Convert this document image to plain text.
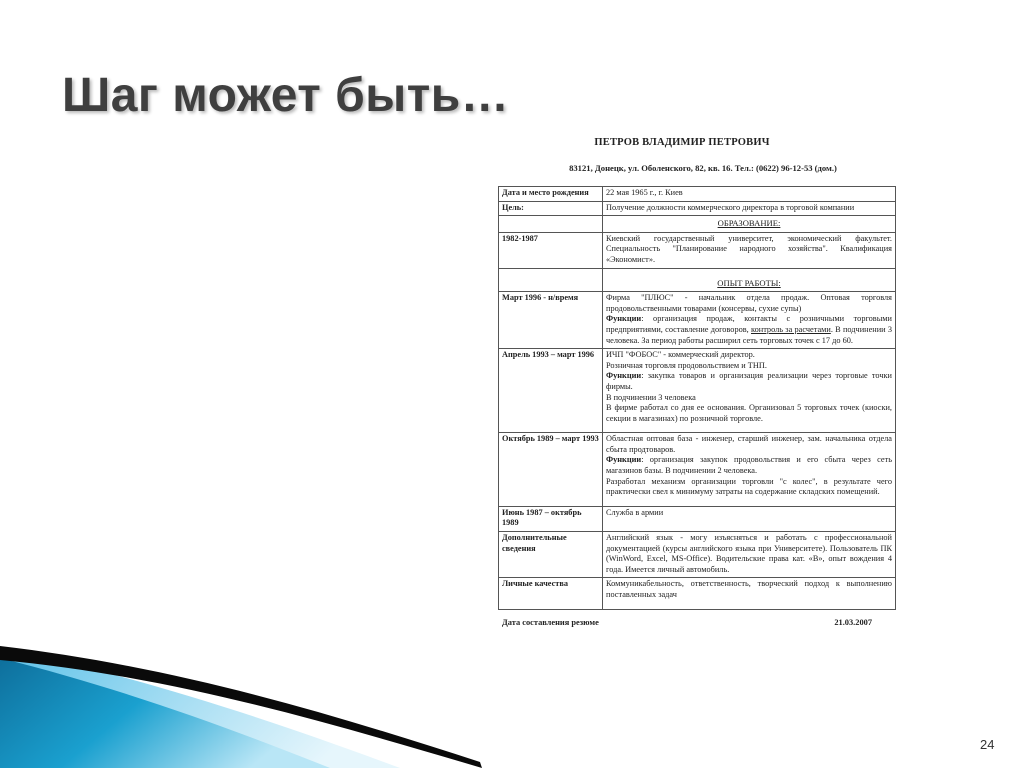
Шаг может быть…
ПЕТРОВ ВЛАДИМИР ПЕТРОВИЧ
83121, Донецк, ул. Оболенского, 82, кв. 16. Тел.: (0622) 96-12-53 (дом.)
Дата и место рождения	22 мая 1965 г., г. Киев
Цель:	Получение должности коммерческого директора в торговой компании
	ОБРАЗОВАНИЕ:
1982-1987	Киевский государственный университет, экономический факультет. Специальность "Планирование народного хозяйства". Квалификация «Экономист».
	ОПЫТ РАБОТЫ:
Март 1996 - н/время	Фирма "ПЛЮС" - начальник отдела продаж. Оптовая торговля продовольственными товарами (консервы, сухие супы)
Функции: организация продаж, контакты с розничными торговыми предприятиями, составление договоров, контроль за расчетами. В подчинении 3 человека. За период работы расширил сеть торговых точек с 17 до 60.
Апрель 1993 – март 1996	ИЧП "ФОБОС" - коммерческий директор.
Розничная торговля продовольствием и ТНП.
Функции: закупка товаров и организация реализации через торговые точки фирмы.
В подчинении 3 человека
В фирме работал со дня ее основания. Организовал 5 торговых точек (киоски, секции в магазинах) по розничной торговле.

Октябрь 1989 – март 1993	Областная оптовая база - инженер, старший инженер, зам. начальника отдела сбыта продтоваров.
Функции: организация закупок продовольствия и его сбыта через сеть магазинов базы. В подчинении 2 человека.
Разработал механизм организации торговли "с колес", в результате чего практически свел к минимуму затраты на содержание складских помещений.

Июнь 1987 – октябрь 1989	Служба в армии
Дополнительные сведения	Английский язык - могу изъясняться и работать с профессиональной документацией (курсы английского языка при Университете). Пользователь ПК (WinWord, Excel, MS-Office). Водительские права кат. «В», опыт вождения 4 года. Имеется личный автомобиль.
Личные качества	Коммуникабельность, ответственность, творческий подход к выполнению поставленных задач
Дата составления резюме	21.03.2007
24
